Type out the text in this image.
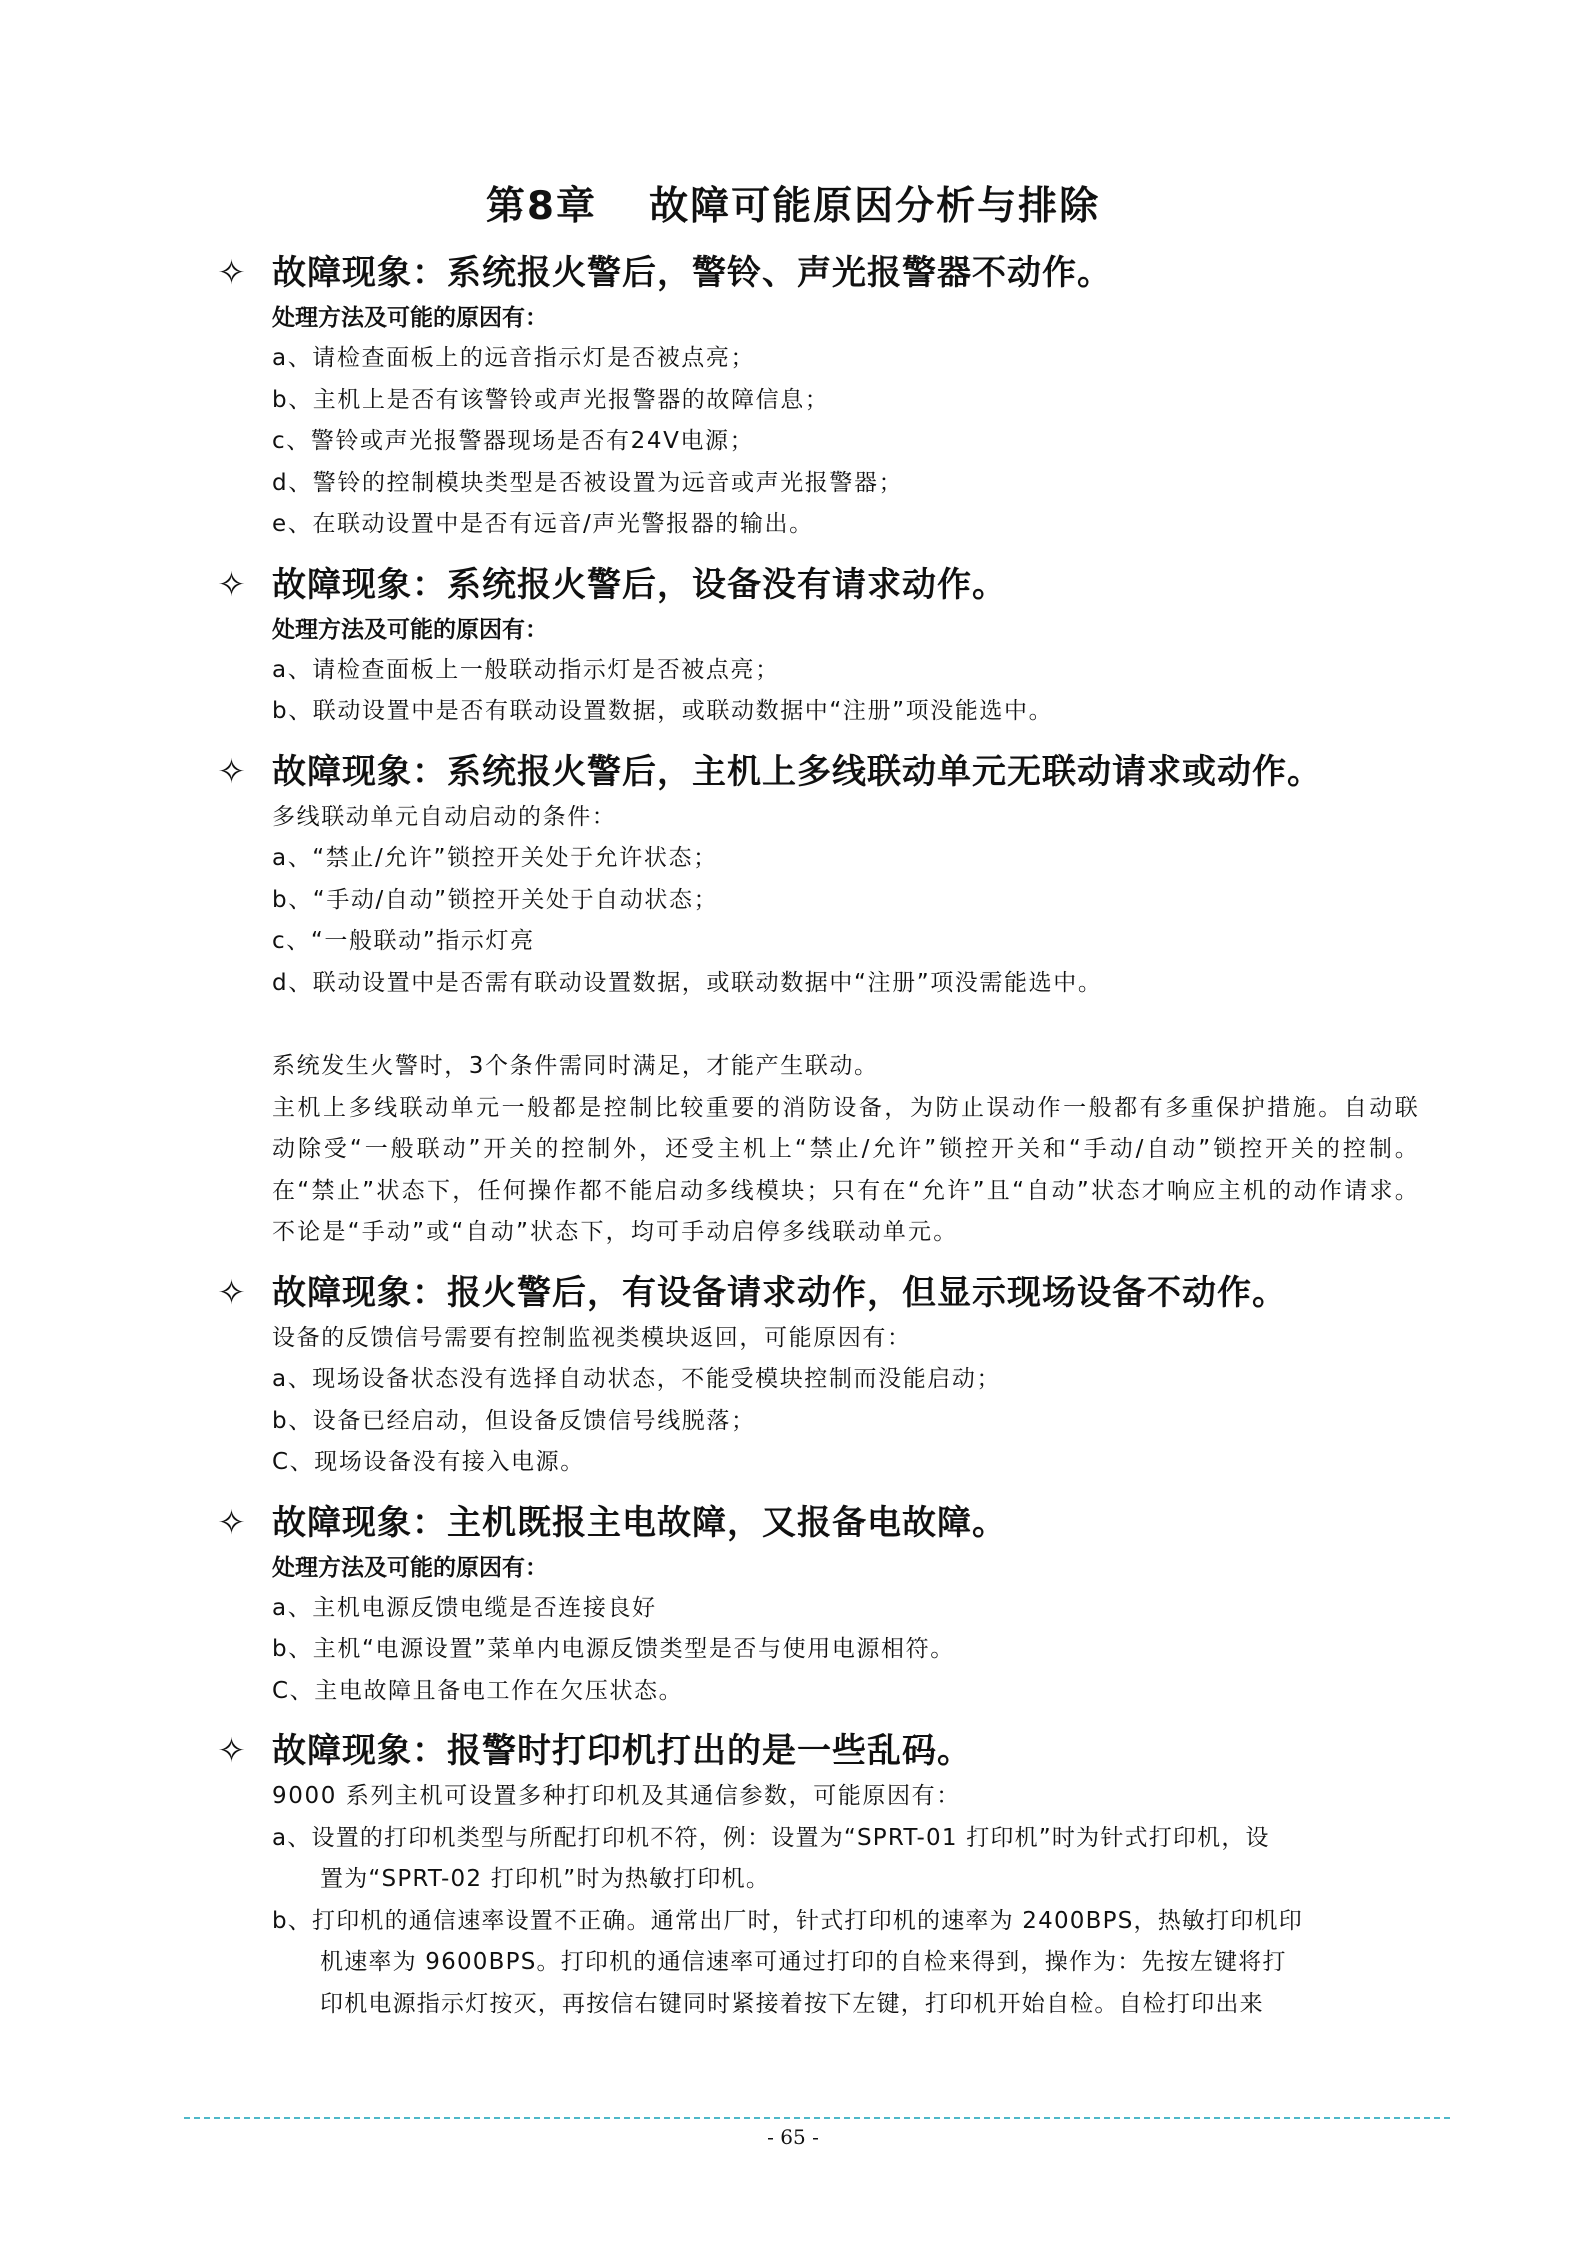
第8章 故障可能原因分析与排除
✧ 故障现象：系统报火警后，警铃、声光报警器不动作。
处理方法及可能的原因有：
a、请检查面板上的远音指示灯是否被点亮；
b、主机上是否有该警铃或声光报警器的故障信息；
c、警铃或声光报警器现场是否有24V电源；
d、警铃的控制模块类型是否被设置为远音或声光报警器；
e、在联动设置中是否有远音/声光警报器的输出。
✧ 故障现象：系统报火警后，设备没有请求动作。
处理方法及可能的原因有：
a、请检查面板上一般联动指示灯是否被点亮；
b、联动设置中是否有联动设置数据，或联动数据中“注册”项没能选中。
✧ 故障现象：系统报火警后，主机上多线联动单元无联动请求或动作。
多线联动单元自动启动的条件：
a、“禁止/允许”锁控开关处于允许状态；
b、“手动/自动”锁控开关处于自动状态；
c、“一般联动”指示灯亮
d、联动设置中是否需有联动设置数据，或联动数据中“注册”项没需能选中。
系统发生火警时，3个条件需同时满足，才能产生联动。
主机上多线联动单元一般都是控制比较重要的消防设备，为防止误动作一般都有多重保护措施。自动联动除受“一般联动”开关的控制外，还受主机上“禁止/允许”锁控开关和“手动/自动”锁控开关的控制。在“禁止”状态下，任何操作都不能启动多线模块；只有在“允许”且“自动”状态才响应主机的动作请求。不论是“手动”或“自动”状态下，均可手动启停多线联动单元。
✧ 故障现象：报火警后，有设备请求动作，但显示现场设备不动作。
设备的反馈信号需要有控制监视类模块返回，可能原因有：
a、现场设备状态没有选择自动状态，不能受模块控制而没能启动；
b、设备已经启动，但设备反馈信号线脱落；
C、现场设备没有接入电源。
✧ 故障现象：主机既报主电故障，又报备电故障。
处理方法及可能的原因有：
a、主机电源反馈电缆是否连接良好
b、主机“电源设置”菜单内电源反馈类型是否与使用电源相符。
C、主电故障且备电工作在欠压状态。
✧ 故障现象：报警时打印机打出的是一些乱码。
9000 系列主机可设置多种打印机及其通信参数，可能原因有：
a、设置的打印机类型与所配打印机不符，例：设置为“SPRT-01 打印机”时为针式打印机，设
置为“SPRT-02 打印机”时为热敏打印机。
b、打印机的通信速率设置不正确。通常出厂时，针式打印机的速率为 2400BPS，热敏打印机印
机速率为 9600BPS。打印机的通信速率可通过打印的自检来得到，操作为：先按左键将打
印机电源指示灯按灭，再按信右键同时紧接着按下左键，打印机开始自检。自检打印出来
- 65 -
